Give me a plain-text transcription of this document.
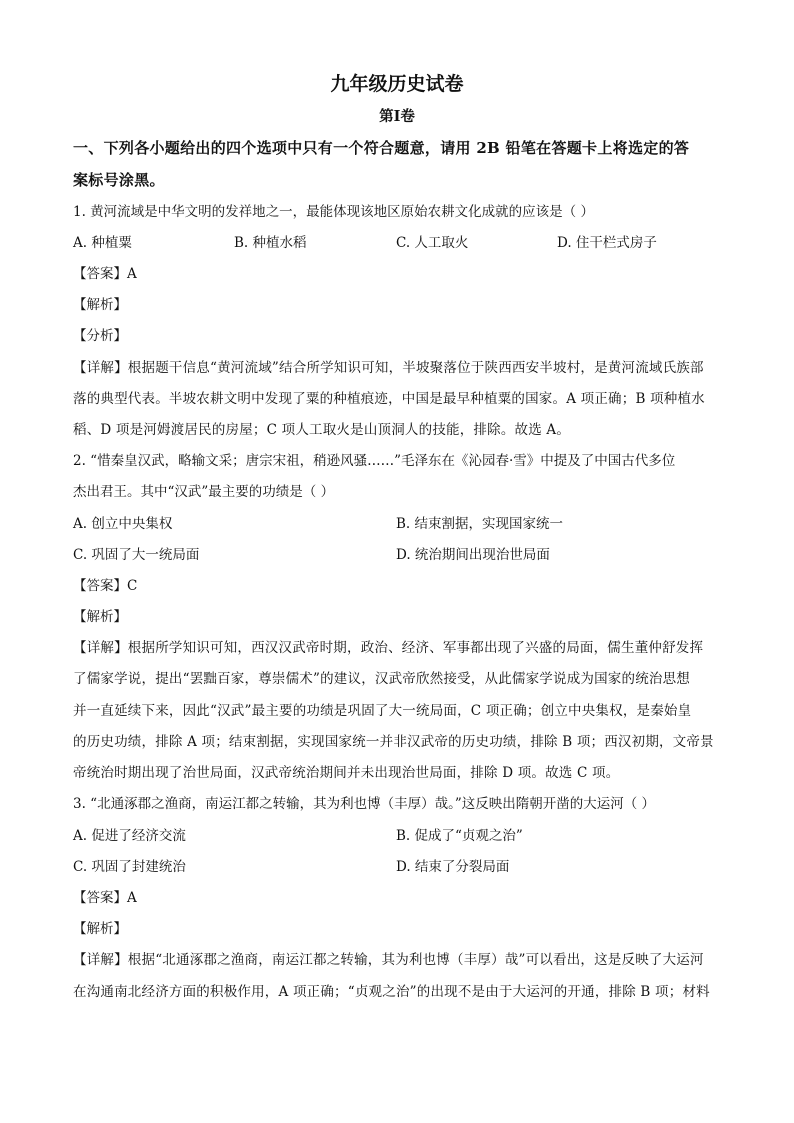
九年级历史试卷
第Ⅰ卷
一、下列各小题给出的四个选项中只有一个符合题意，请用 2B 铅笔在答题卡上将选定的答
案标号涂黑。
1. 黄河流域是中华文明的发祥地之一，最能体现该地区原始农耕文化成就的应该是（ ）
A. 种植粟	B. 种植水稻	C. 人工取火	D. 住干栏式房子
【答案】A
【解析】
【分析】
【详解】根据题干信息“黄河流域”结合所学知识可知，半坡聚落位于陕西西安半坡村，是黄河流域氏族部
落的典型代表。半坡农耕文明中发现了粟的种植痕迹，中国是最早种植粟的国家。A 项正确；B 项种植水
稻、D 项是河姆渡居民的房屋；C 项人工取火是山顶洞人的技能，排除。故选 A。
2. “惜秦皇汉武，略输文采；唐宗宋祖，稍逊风骚……”毛泽东在《沁园春·雪》中提及了中国古代多位
杰出君王。其中“汉武”最主要的功绩是（ ）
A. 创立中央集权	B. 结束割据，实现国家统一
C. 巩固了大一统局面	D. 统治期间出现治世局面
【答案】C
【解析】
【详解】根据所学知识可知，西汉汉武帝时期，政治、经济、军事都出现了兴盛的局面，儒生董仲舒发挥
了儒家学说，提出“罢黜百家，尊崇儒术”的建议，汉武帝欣然接受，从此儒家学说成为国家的统治思想
并一直延续下来，因此“汉武”最主要的功绩是巩固了大一统局面，C 项正确；创立中央集权，是秦始皇
的历史功绩，排除 A 项；结束割据，实现国家统一并非汉武帝的历史功绩，排除 B 项；西汉初期，文帝景
帝统治时期出现了治世局面，汉武帝统治期间并未出现治世局面，排除 D 项。故选 C 项。
3. “北通涿郡之渔商，南运江都之转输，其为利也博（丰厚）哉。”这反映出隋朝开凿的大运河（ ）
A. 促进了经济交流	B. 促成了“贞观之治”
C. 巩固了封建统治	D. 结束了分裂局面
【答案】A
【解析】
【详解】根据“北通涿郡之渔商，南运江都之转输，其为利也博（丰厚）哉”可以看出，这是反映了大运河
在沟通南北经济方面的积极作用，A 项正确；“贞观之治”的出现不是由于大运河的开通，排除 B 项；材料
